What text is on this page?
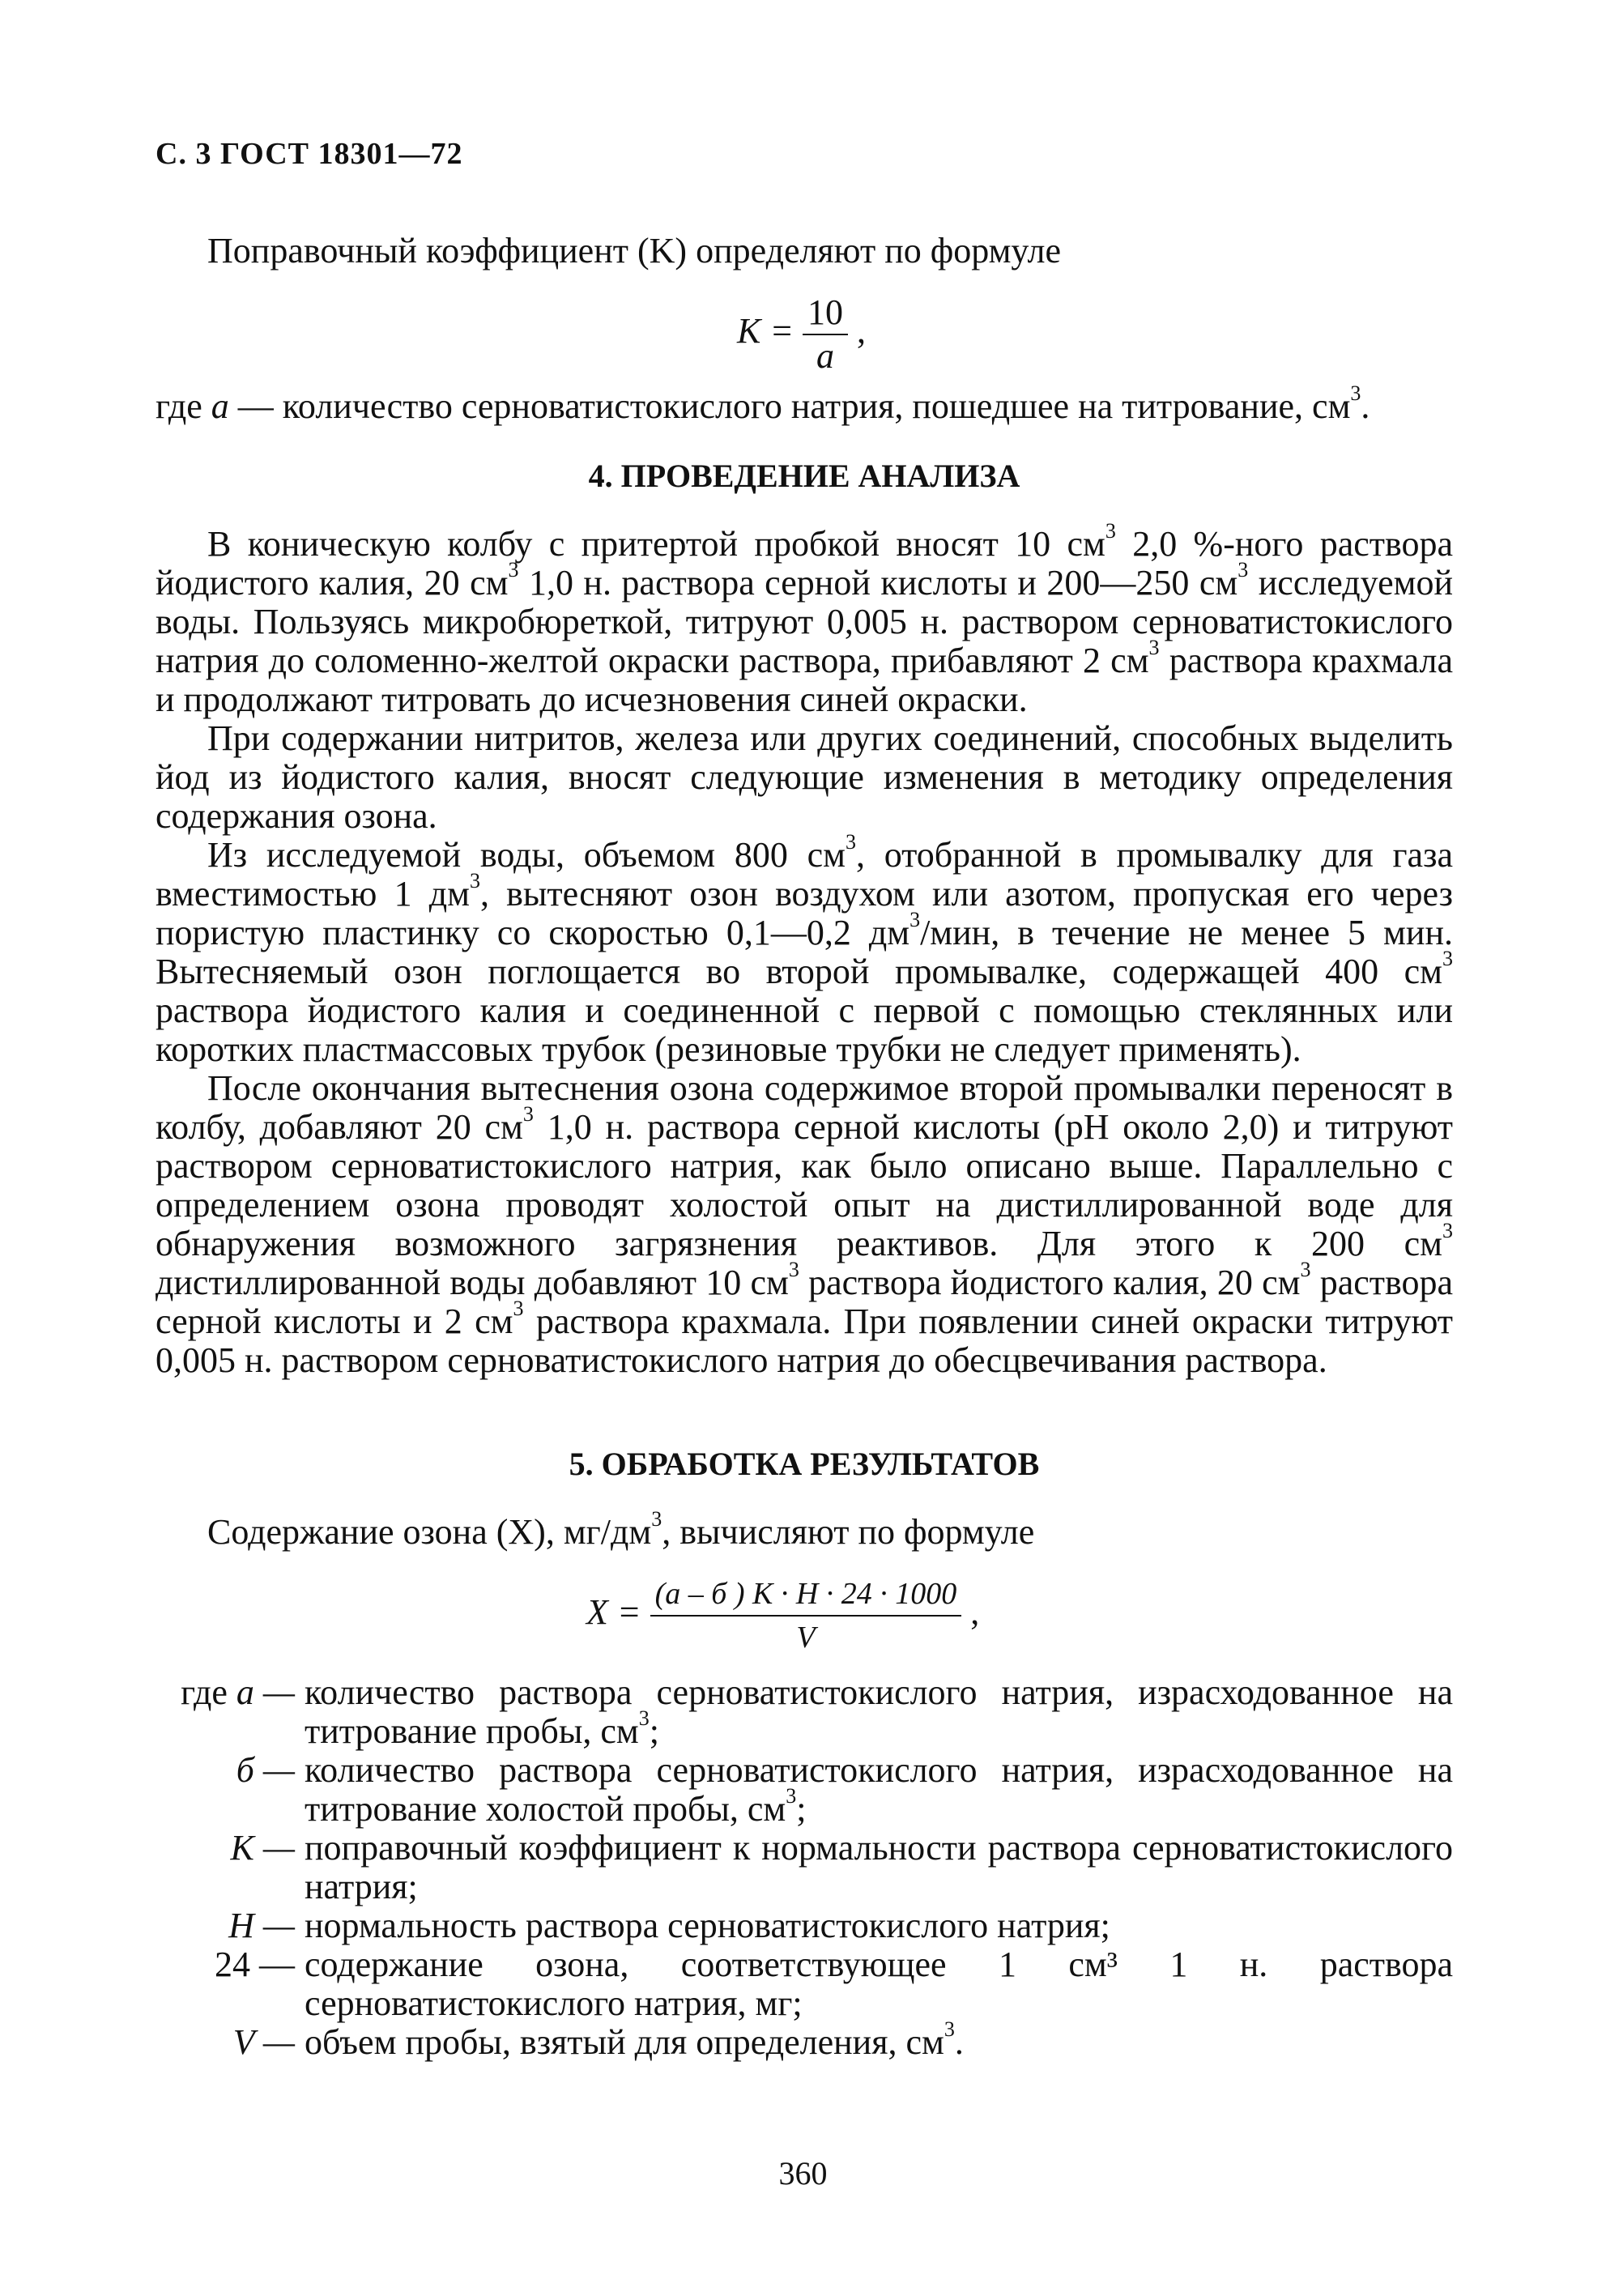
С. 3 ГОСТ 18301—72
Поправочный коэффициент (K) определяют по формуле
$K = \frac{10}{a}$ ,
где a — количество серноватистокислого натрия, пошедшее на титрование, $см^3$.
4. ПРОВЕДЕНИЕ АНАЛИЗА
В коническую колбу с притертой пробкой вносят 10 $см^3$ 2,0 %-ного раствора йодистого калия, 20 $см^3$ 1,0 н. раствора серной кислоты и 200—250 $см^3$ исследуемой воды. Пользуясь микробюреткой, титруют 0,005 н. раствором серноватистокислого натрия до соломенно-желтой окраски раствора, прибавляют 2 $см^3$ раствора крахмала и продолжают титровать до исчезновения синей окраски.
При содержании нитритов, железа или других соединений, способных выделить йод из йодистого калия, вносят следующие изменения в методику определения содержания озона.
Из исследуемой воды, объемом 800 $см^3$, отобранной в промывалку для газа вместимостью 1 $дм^3$, вытесняют озон воздухом или азотом, пропуская его через пористую пластинку со скоростью 0,1—0,2 $дм^3$/мин, в течение не менее 5 мин. Вытесняемый озон поглощается во второй промывалке, содержащей 400 $см^3$ раствора йодистого калия и соединенной с первой с помощью стеклянных или коротких пластмассовых трубок (резиновые трубки не следует применять).
После окончания вытеснения озона содержимое второй промывалки переносят в колбу, добавляют 20 $см^3$ 1,0 н. раствора серной кислоты (pH около 2,0) и титруют раствором серноватистокислого натрия, как было описано выше. Параллельно с определением озона проводят холостой опыт на дистиллированной воде для обнаружения возможного загрязнения реактивов. Для этого к 200 $см^3$ дистиллированной воды добавляют 10 $см^3$ раствора йодистого калия, 20 $см^3$ раствора серной кислоты и 2 $см^3$ раствора крахмала. При появлении синей окраски титруют 0,005 н. раствором серноватистокислого натрия до обесцвечивания раствора.
5. ОБРАБОТКА РЕЗУЛЬТАТОВ
Содержание озона (X), $мг/дм^3$, вычисляют по формуле
$X = \frac{(a - б ) K \cdot H \cdot 24 \cdot 1000}{V}$ ,
где a — количество раствора серноватистокислого натрия, израсходованное на титрование пробы, $см^3$;
б — количество раствора серноватистокислого натрия, израсходованное на титрование холостой пробы, $см^3$;
K — поправочный коэффициент к нормальности раствора серноватистокислого натрия;
H — нормальность раствора серноватистокислого натрия;
24 — содержание озона, соответствующее 1 см³ 1 н. раствора серноватистокислого натрия, мг;
V — объем пробы, взятый для определения, $см^3$.
360
